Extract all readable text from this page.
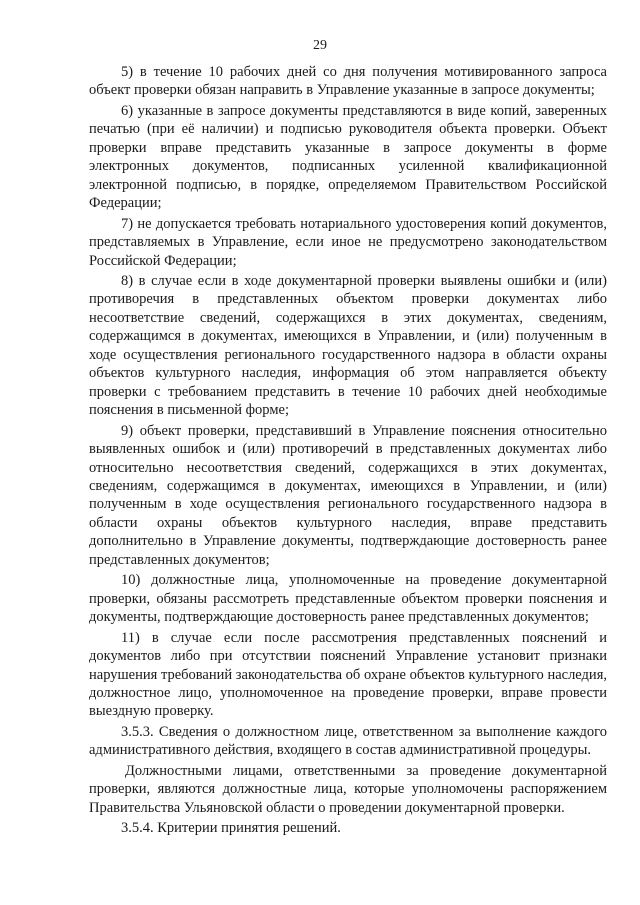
29

5) в течение 10 рабочих дней со дня получения мотивированного запроса объект проверки обязан направить в Управление указанные в запросе документы;

6) указанные в запросе документы представляются в виде копий, заверенных печатью (при её наличии) и подписью руководителя объекта проверки. Объект проверки вправе представить указанные в запросе документы в форме электронных документов, подписанных усиленной квалификационной электронной подписью, в порядке, определяемом Правительством Российской Федерации;

7) не допускается требовать нотариального удостоверения копий документов, представляемых в Управление, если иное не предусмотрено законодательством Российской Федерации;

8) в случае если в ходе документарной проверки выявлены ошибки и (или) противоречия в представленных объектом проверки документах либо несоответствие сведений, содержащихся в этих документах, сведениям, содержащимся в документах, имеющихся в Управлении, и (или) полученным в ходе осуществления регионального государственного надзора в области охраны объектов культурного наследия, информация об этом направляется объекту проверки с требованием представить в течение 10 рабочих дней необходимые пояснения в письменной форме;

9) объект проверки, представивший в Управление пояснения относительно выявленных ошибок и (или) противоречий в представленных документах либо относительно несоответствия сведений, содержащихся в этих документах, сведениям, содержащимся в документах, имеющихся в Управлении, и (или) полученным в ходе осуществления регионального государственного надзора в области охраны объектов культурного наследия, вправе представить дополнительно в Управление документы, подтверждающие достоверность ранее представленных документов;

10) должностные лица, уполномоченные на проведение документарной проверки, обязаны рассмотреть представленные объектом проверки пояснения и документы, подтверждающие достоверность ранее представленных документов;

11) в случае если после рассмотрения представленных пояснений и документов либо при отсутствии пояснений Управление установит признаки нарушения требований законодательства об охране объектов культурного наследия, должностное лицо, уполномоченное на проведение проверки, вправе провести выездную проверку.

3.5.3. Сведения о должностном лице, ответственном за выполнение каждого административного действия, входящего в состав административной процедуры.

Должностными лицами, ответственными за проведение документарной проверки, являются должностные лица, которые уполномочены распоряжением Правительства Ульяновской области о проведении документарной проверки.

3.5.4. Критерии принятия решений.
